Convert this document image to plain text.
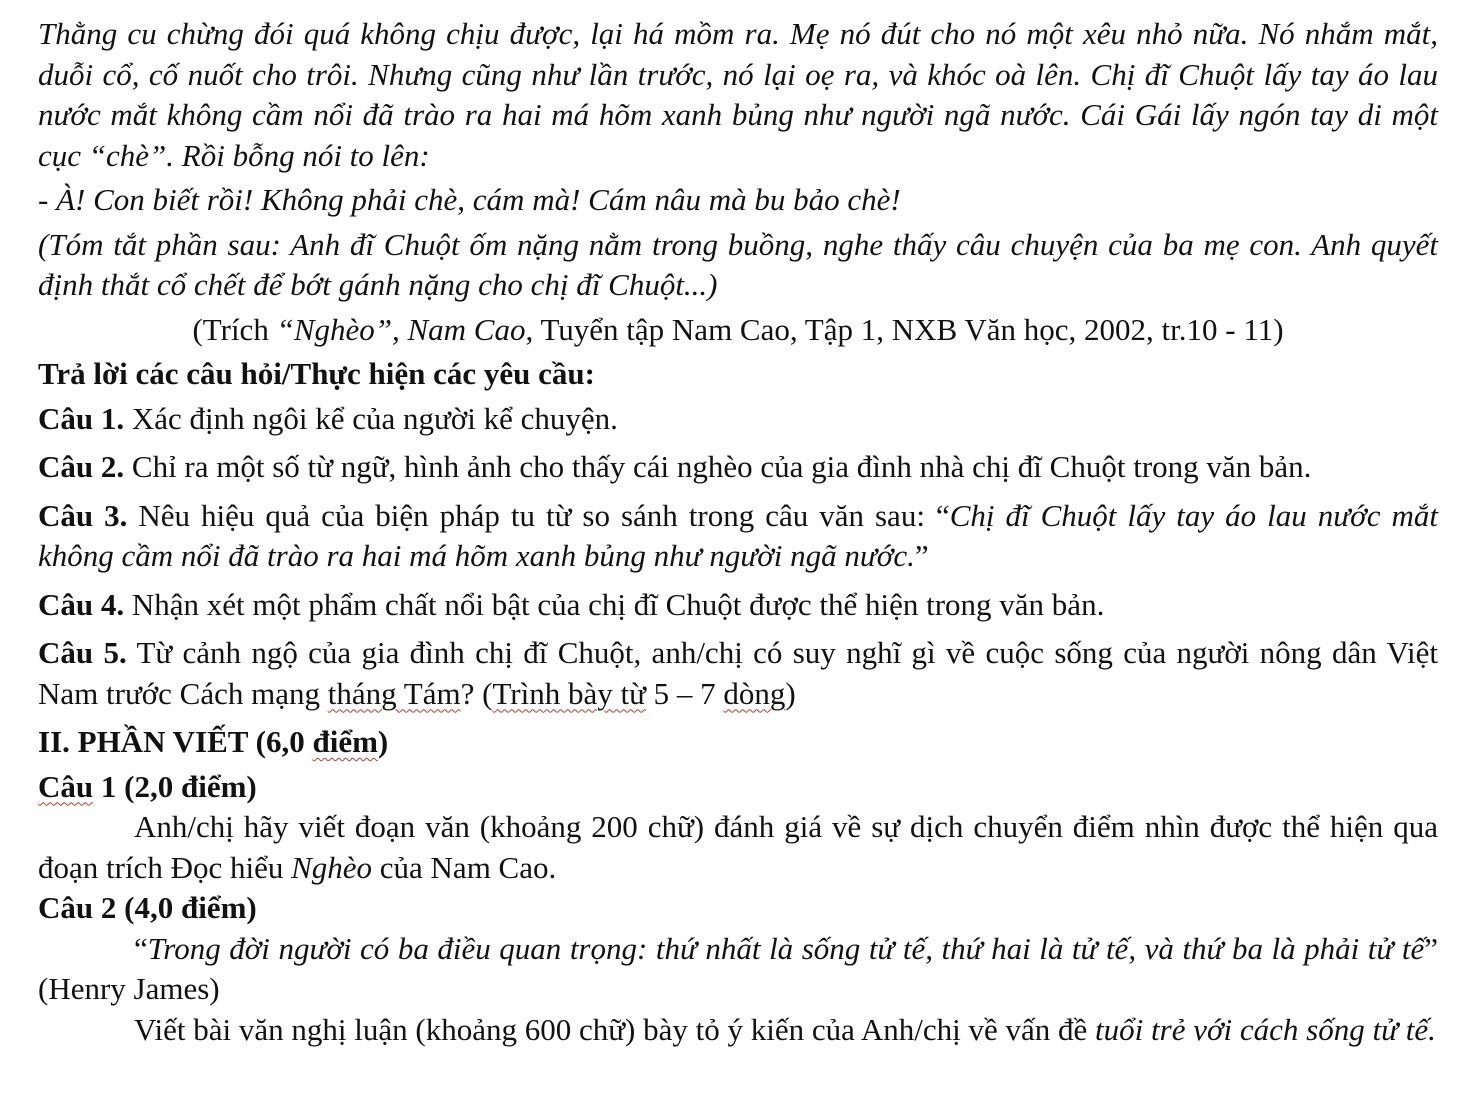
Thằng cu chừng đói quá không chịu được, lại há mồm ra. Mẹ nó đút cho nó một xêu nhỏ nữa. Nó nhắm mắt, duỗi cổ, cố nuốt cho trôi. Nhưng cũng như lần trước, nó lại oẹ ra, và khóc oà lên. Chị đĩ Chuột lấy tay áo lau nước mắt không cầm nổi đã trào ra hai má hõm xanh bủng như người ngã nước. Cái Gái lấy ngón tay di một cục “chè”. Rồi bỗng nói to lên:

- À! Con biết rồi! Không phải chè, cám mà! Cám nâu mà bu bảo chè!

(Tóm tắt phần sau: Anh đĩ Chuột ốm nặng nằm trong buồng, nghe thấy câu chuyện của ba mẹ con. Anh quyết định thắt cổ chết để bớt gánh nặng cho chị đĩ Chuột...)

(Trích “Nghèo”, Nam Cao, Tuyển tập Nam Cao, Tập 1, NXB Văn học, 2002, tr.10 - 11)

Trả lời các câu hỏi/Thực hiện các yêu cầu:

Câu 1. Xác định ngôi kể của người kể chuyện.

Câu 2. Chỉ ra một số từ ngữ, hình ảnh cho thấy cái nghèo của gia đình nhà chị đĩ Chuột trong văn bản.

Câu 3. Nêu hiệu quả của biện pháp tu từ so sánh trong câu văn sau: “Chị đĩ Chuột lấy tay áo lau nước mắt không cầm nổi đã trào ra hai má hõm xanh bủng như người ngã nước.”

Câu 4. Nhận xét một phẩm chất nổi bật của chị đĩ Chuột được thể hiện trong văn bản.

Câu 5. Từ cảnh ngộ của gia đình chị đĩ Chuột, anh/chị có suy nghĩ gì về cuộc sống của người nông dân Việt Nam trước Cách mạng tháng Tám? (Trình bày từ 5 – 7 dòng)

II. PHẦN VIẾT (6,0 điểm)

Câu 1 (2,0 điểm)

Anh/chị hãy viết đoạn văn (khoảng 200 chữ) đánh giá về sự dịch chuyển điểm nhìn được thể hiện qua đoạn trích Đọc hiểu Nghèo của Nam Cao.

Câu 2 (4,0 điểm)

“Trong đời người có ba điều quan trọng: thứ nhất là sống tử tế, thứ hai là tử tế, và thứ ba là phải tử tế” (Henry James)

Viết bài văn nghị luận (khoảng 600 chữ) bày tỏ ý kiến của Anh/chị về vấn đề tuổi trẻ với cách sống tử tế.
